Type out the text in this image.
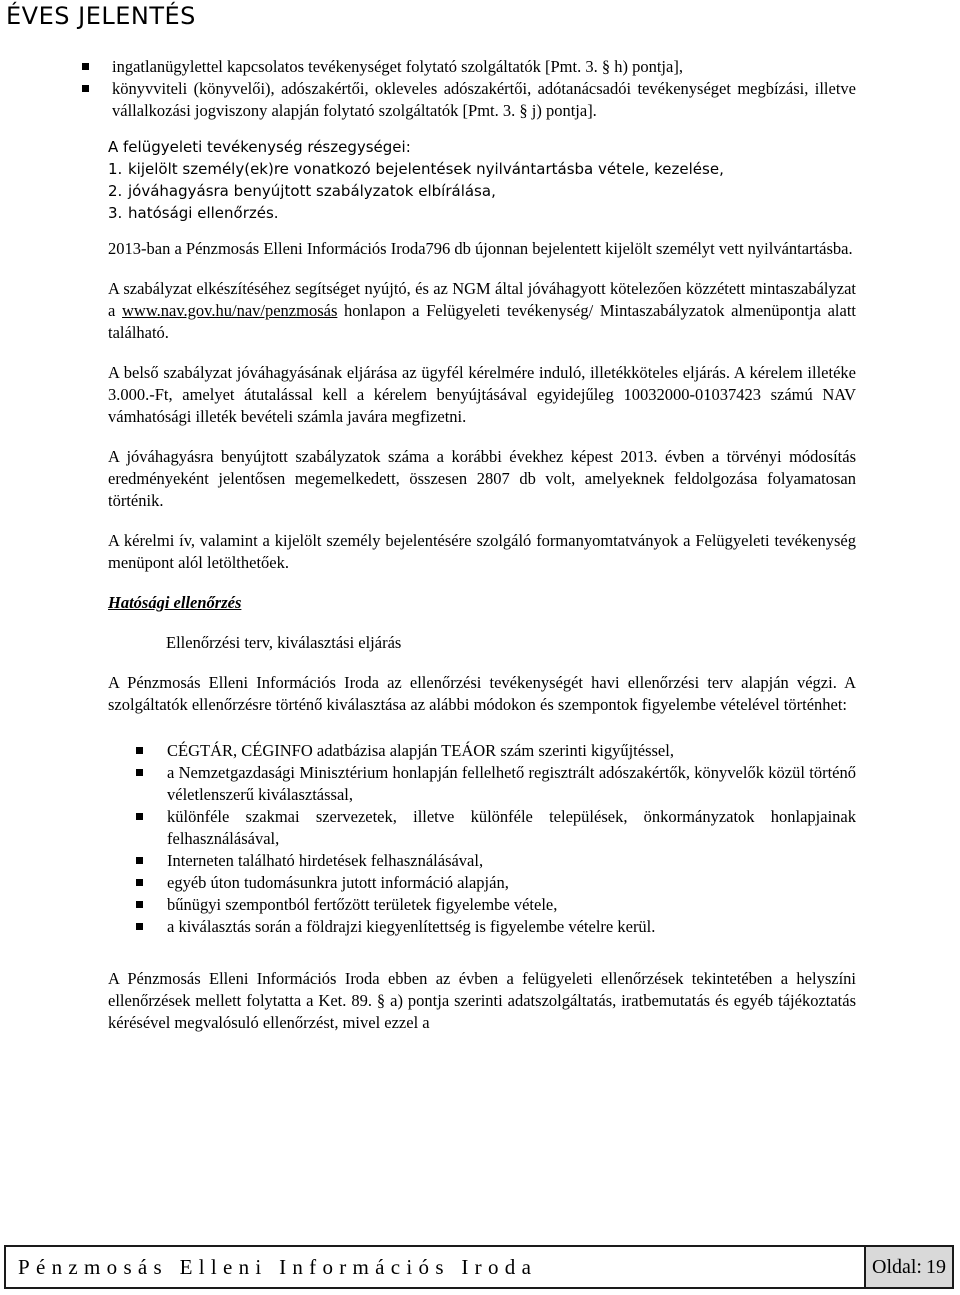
ÉVES JELENTÉS
ingatlanügylettel kapcsolatos tevékenységet folytató szolgáltatók [Pmt. 3. § h) pontja],
könyvviteli (könyvelői), adószakértői, okleveles adószakértői, adótanácsadói tevékenységet megbízási, illetve vállalkozási jogviszony alapján folytató szolgáltatók [Pmt. 3. § j) pontja].
A felügyeleti tevékenység részegységei:
1. kijelölt személy(ek)re vonatkozó bejelentések nyilvántartásba vétele, kezelése,
2. jóváhagyásra benyújtott szabályzatok elbírálása,
3. hatósági ellenőrzés.
2013-ban a Pénzmosás Elleni Információs Iroda796 db újonnan bejelentett kijelölt személyt vett nyilvántartásba.
A szabályzat elkészítéséhez segítséget nyújtó, és az NGM által jóváhagyott kötelezően közzétett mintaszabályzat a www.nav.gov.hu/nav/penzmosás honlapon a Felügyeleti tevékenység/ Mintaszabályzatok almenüpontja alatt található.
A belső szabályzat jóváhagyásának eljárása az ügyfél kérelmére induló, illetékköteles eljárás. A kérelem illetéke 3.000.-Ft, amelyet átutalással kell a kérelem benyújtásával egyidejűleg 10032000-01037423 számú NAV vámhatósági illeték bevételi számla javára megfizetni.
A jóváhagyásra benyújtott szabályzatok száma a korábbi évekhez képest 2013. évben a törvényi módosítás eredményeként jelentősen megemelkedett, összesen 2807 db volt, amelyeknek feldolgozása folyamatosan történik.
A kérelmi ív, valamint a kijelölt személy bejelentésére szolgáló formanyomtatványok a Felügyeleti tevékenység menüpont alól letölthetőek.
Hatósági ellenőrzés
Ellenőrzési terv, kiválasztási eljárás
A Pénzmosás Elleni Információs Iroda az ellenőrzési tevékenységét havi ellenőrzési terv alapján végzi. A szolgáltatók ellenőrzésre történő kiválasztása az alábbi módokon és szempontok figyelembe vételével történhet:
CÉGTÁR, CÉGINFO adatbázisa alapján TEÁOR szám szerinti kigyűjtéssel,
a Nemzetgazdasági Minisztérium honlapján fellelhető regisztrált adószakértők, könyvelők közül történő véletlenszerű kiválasztással,
különféle szakmai szervezetek, illetve különféle települések, önkormányzatok honlapjainak felhasználásával,
Interneten található hirdetések felhasználásával,
egyéb úton tudomásunkra jutott információ alapján,
bűnügyi szempontból fertőzött területek figyelembe vétele,
a kiválasztás során a földrajzi kiegyenlítettség is figyelembe vételre kerül.
A Pénzmosás Elleni Információs Iroda ebben az évben a felügyeleti ellenőrzések tekintetében a helyszíni ellenőrzések mellett folytatta a Ket. 89. § a) pontja szerinti adatszolgáltatás, iratbemutatás és egyéb tájékoztatás kérésével megvalósuló ellenőrzést, mivel ezzel a
Pénzmosás Elleni Információs Iroda	Oldal: 19
